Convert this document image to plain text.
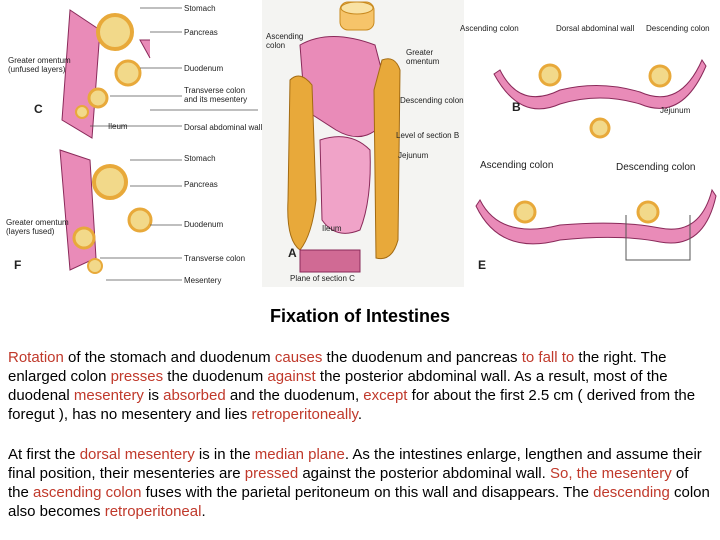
Stomach
Pancreas
Duodenum
Transverse colon
and its mesentery
Ileum	Dorsal abdominal wall
Greater omentum
(unfused layers)
C
Stomach
Pancreas
Duodenum
Transverse colon
Mesentery
Greater omentum
(layers fused)
F
Ascending colon
Greater omentum
Descending colon
Level of section B
Jejunum
Ileum
Plane of section C
A
Ascending colon	Dorsal abdominal wall Descending colon
Jejunum
B
Ascending colon	Descending colon
E
Fixation of Intestines

Rotation of the stomach and duodenum causes the duodenum and pancreas to fall to the right. The enlarged colon presses the duodenum against the posterior abdominal wall. As a result, most of the duodenal mesentery is absorbed and the duodenum, except for about the first 2.5 cm ( derived from the foregut ), has no mesentery and lies retroperitoneally.

At first the dorsal mesentery is in the median plane. As the intestines enlarge, lengthen and assume their final position, their mesenteries are pressed against the posterior abdominal wall. So, the mesentery of the ascending colon fuses with the parietal peritoneum on this wall and disappears. The descending colon also becomes retroperitoneal.
